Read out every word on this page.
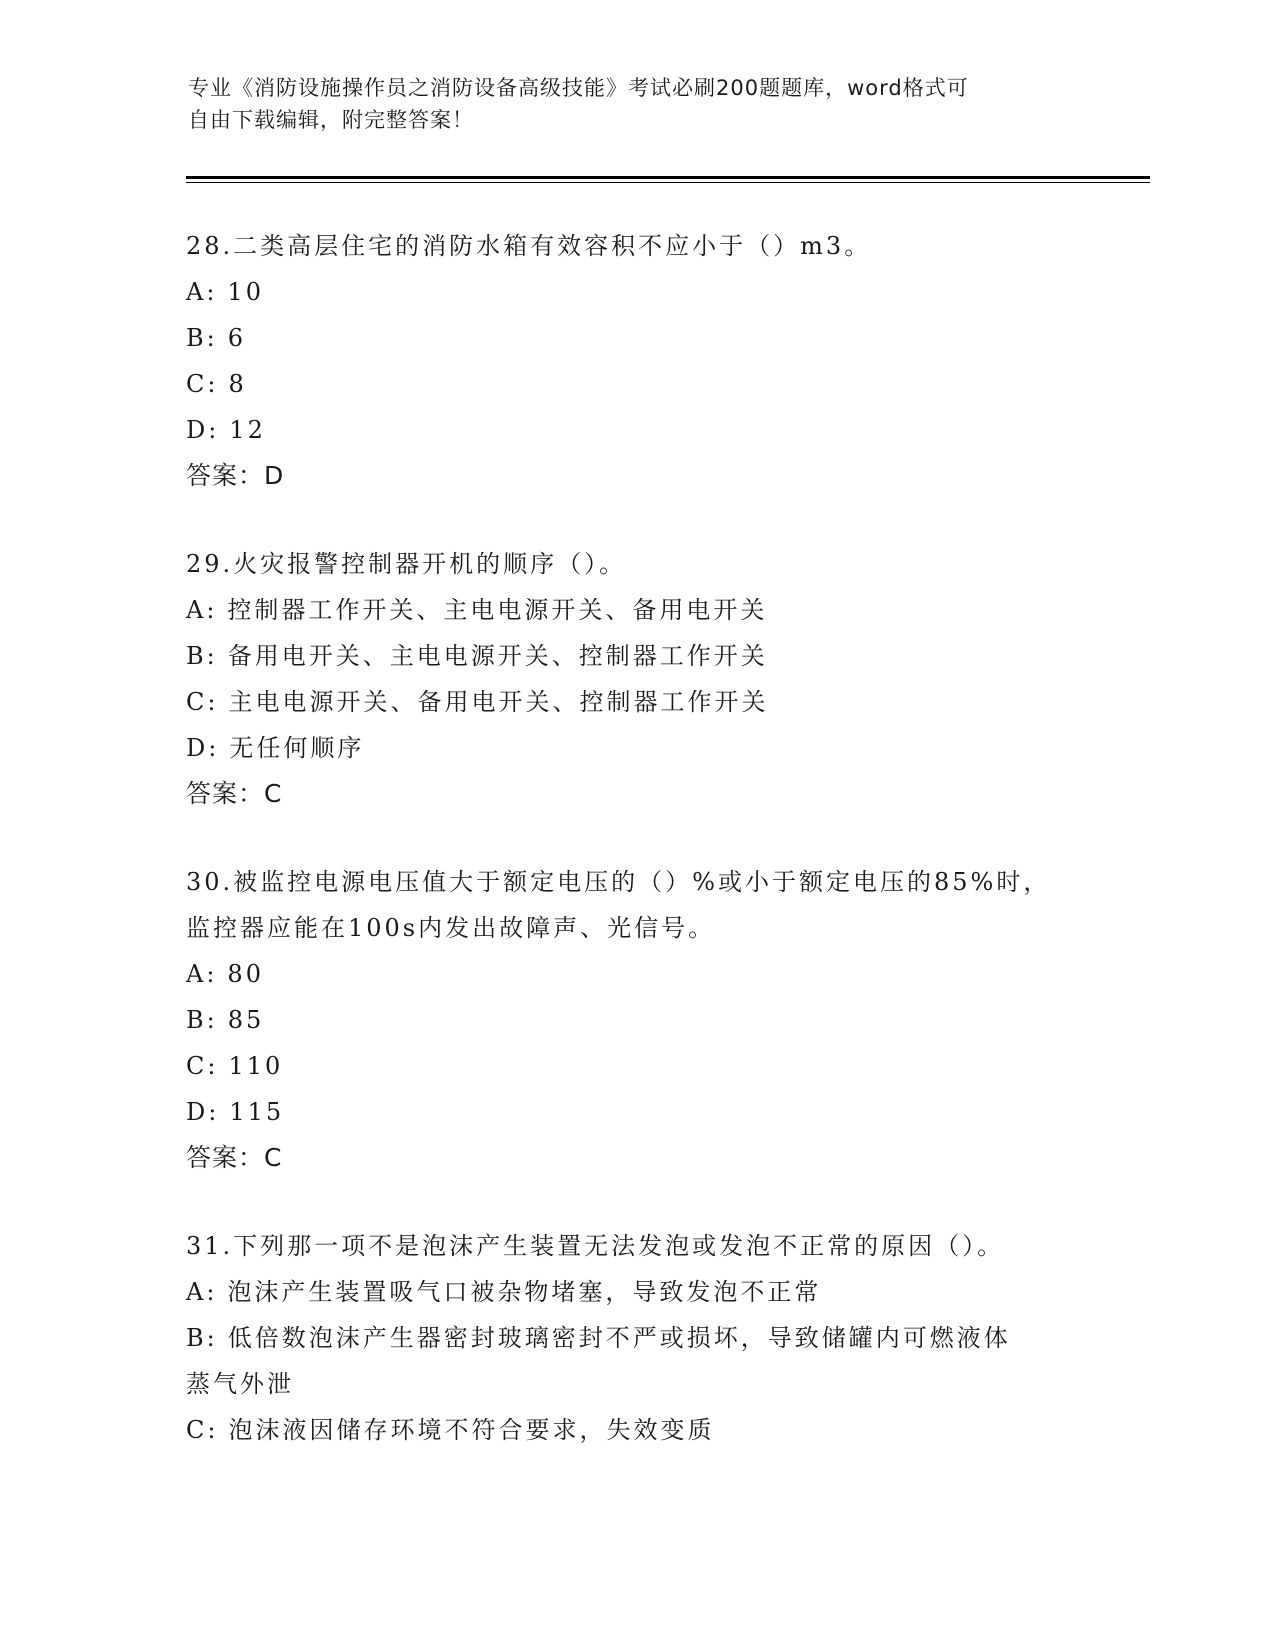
专业《消防设施操作员之消防设备高级技能》考试必刷200题题库，word格式可
自由下载编辑，附完整答案！
28.二类高层住宅的消防水箱有效容积不应小于（）m3。
A: 10
B: 6
C: 8
D: 12
答案：D
29.火灾报警控制器开机的顺序（）。
A: 控制器工作开关、主电电源开关、备用电开关
B: 备用电开关、主电电源开关、控制器工作开关
C: 主电电源开关、备用电开关、控制器工作开关
D: 无任何顺序
答案：C
30.被监控电源电压值大于额定电压的（）%或小于额定电压的85%时，
监控器应能在100s内发出故障声、光信号。
A: 80
B: 85
C: 110
D: 115
答案：C
31.下列那一项不是泡沫产生装置无法发泡或发泡不正常的原因（）。
A: 泡沫产生装置吸气口被杂物堵塞，导致发泡不正常
B: 低倍数泡沫产生器密封玻璃密封不严或损坏，导致储罐内可燃液体
蒸气外泄
C: 泡沫液因储存环境不符合要求，失效变质
